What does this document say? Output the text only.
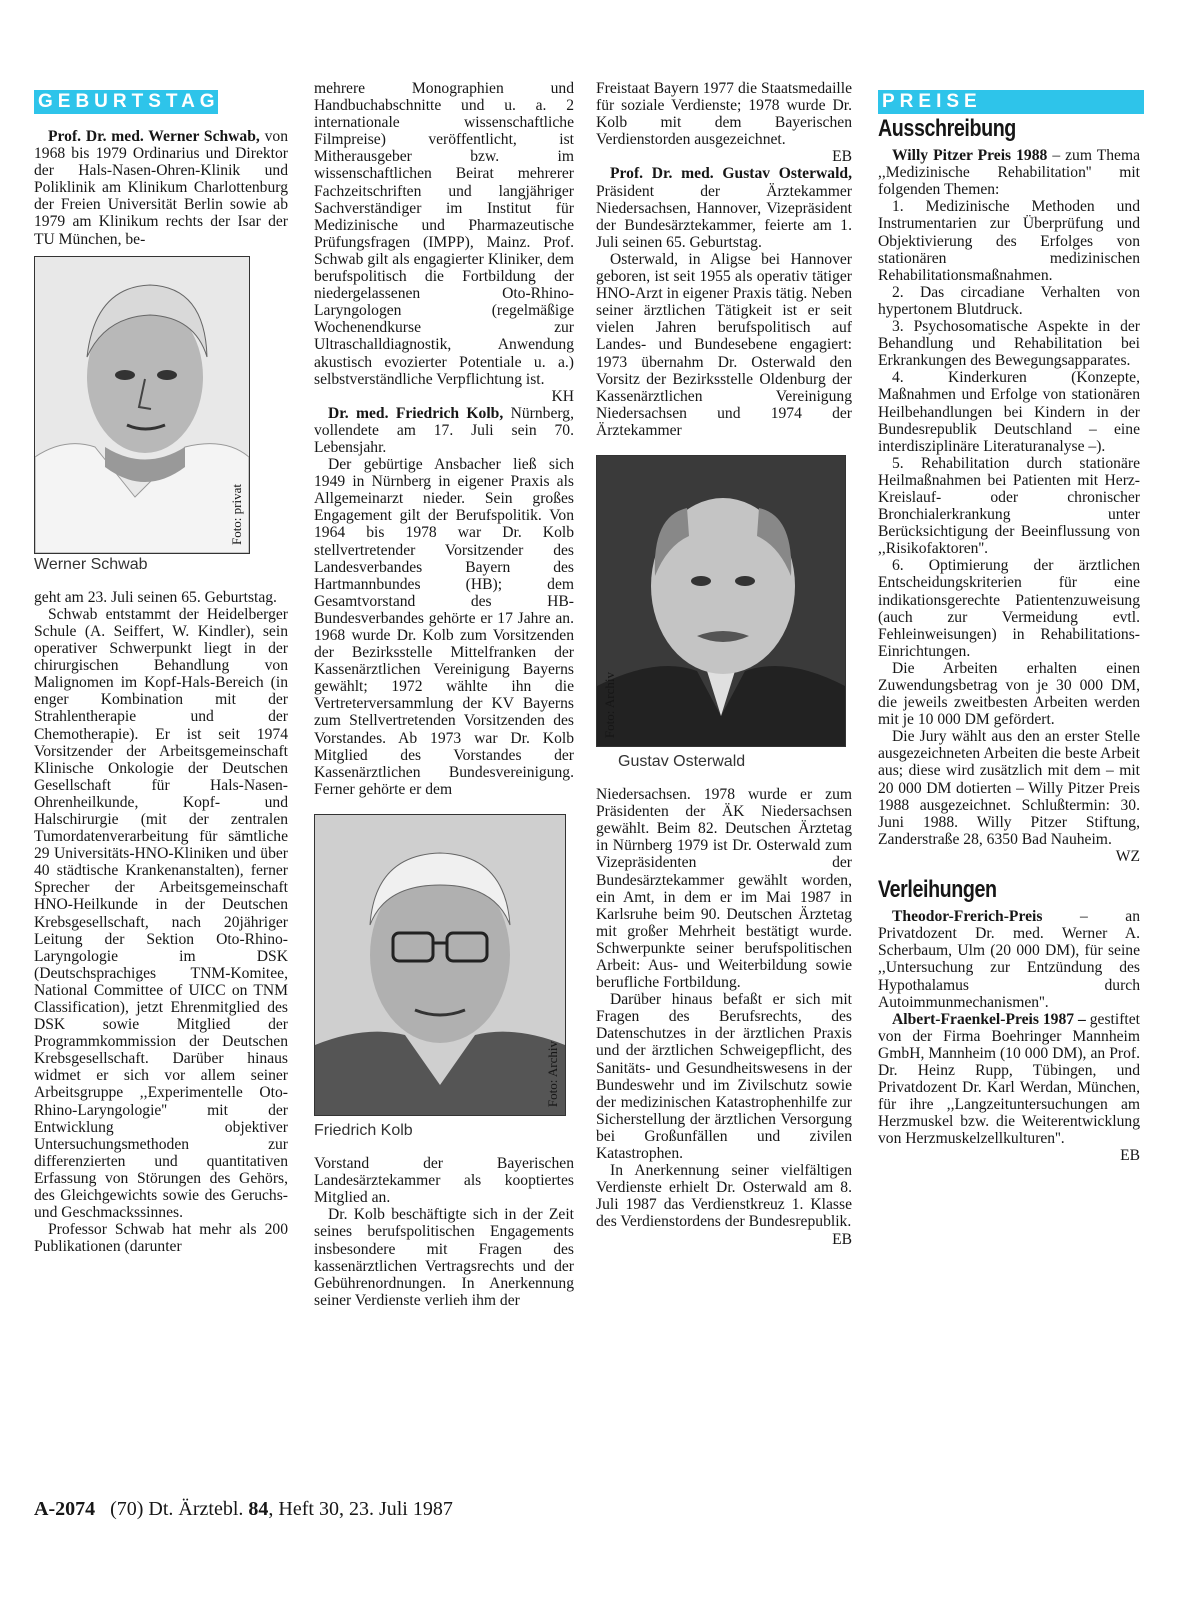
GEBURTSTAGE

Prof. Dr. med. Werner Schwab, von 1968 bis 1979 Ordinarius und Direktor der Hals-Nasen-Ohren-Klinik und Poliklinik am Klinikum Charlottenburg der Freien Universität Berlin sowie ab 1979 am Klinikum rechts der Isar der TU München, be-

Foto: privat
Werner Schwab

geht am 23. Juli seinen 65. Geburtstag.

Schwab entstammt der Heidelberger Schule (A. Seiffert, W. Kindler), sein operativer Schwerpunkt liegt in der chirurgischen Behandlung von Malignomen im Kopf-Hals-Bereich (in enger Kombination mit der Strahlentherapie und der Chemotherapie). Er ist seit 1974 Vorsitzender der Arbeitsgemeinschaft Klinische Onkologie der Deutschen Gesellschaft für Hals-Nasen-Ohrenheilkunde, Kopf- und Halschirurgie (mit der zentralen Tumordatenverarbeitung für sämtliche 29 Universitäts-HNO-Kliniken und über 40 städtische Krankenanstalten), ferner Sprecher der Arbeitsgemeinschaft HNO-Heilkunde in der Deutschen Krebsgesellschaft, nach 20jähriger Leitung der Sektion Oto-Rhino-Laryngologie im DSK (Deutschsprachiges TNM-Komitee, National Committee of UICC on TNM Classification), jetzt Ehrenmitglied des DSK sowie Mitglied der Programmkommission der Deutschen Krebsgesellschaft. Darüber hinaus widmet er sich vor allem seiner Arbeitsgruppe ,,Experimentelle Oto-Rhino-Laryngologie'' mit der Entwicklung objektiver Untersuchungsmethoden zur differenzierten und quantitativen Erfassung von Störungen des Gehörs, des Gleichgewichts sowie des Geruchs- und Geschmackssinnes.

Professor Schwab hat mehr als 200 Publikationen (darunter

mehrere Monographien und Handbuchabschnitte und u. a. 2 internationale wissenschaftliche Filmpreise) veröffentlicht, ist Mitherausgeber bzw. im wissenschaftlichen Beirat mehrerer Fachzeitschriften und langjähriger Sachverständiger im Institut für Medizinische und Pharmazeutische Prüfungsfragen (IMPP), Mainz. Prof. Schwab gilt als engagierter Kliniker, dem berufspolitisch die Fortbildung der niedergelassenen Oto-Rhino-Laryngologen (regelmäßige Wochenendkurse zur Ultraschalldiagnostik, Anwendung akustisch evozierter Potentiale u. a.) selbstverständliche Verpflichtung ist.

KH

Dr. med. Friedrich Kolb, Nürnberg, vollendete am 17. Juli sein 70. Lebensjahr.

Der gebürtige Ansbacher ließ sich 1949 in Nürnberg in eigener Praxis als Allgemeinarzt nieder. Sein großes Engagement gilt der Berufspolitik. Von 1964 bis 1978 war Dr. Kolb stellvertretender Vorsitzender des Landesverbandes Bayern des Hartmannbundes (HB); dem Gesamtvorstand des HB-Bundesverbandes gehörte er 17 Jahre an. 1968 wurde Dr. Kolb zum Vorsitzenden der Bezirksstelle Mittelfranken der Kassenärztlichen Vereinigung Bayerns gewählt; 1972 wählte ihn die Vertreterversammlung der KV Bayerns zum Stellvertretenden Vorsitzenden des Vorstandes. Ab 1973 war Dr. Kolb Mitglied des Vorstandes der Kassenärztlichen Bundesvereinigung. Ferner gehörte er dem

Foto: Archiv
Friedrich Kolb

Vorstand der Bayerischen Landesärztekammer als kooptiertes Mitglied an.

Dr. Kolb beschäftigte sich in der Zeit seines berufspolitischen Engagements insbesondere mit Fragen des kassenärztlichen Vertragsrechts und der Gebührenordnungen. In Anerkennung seiner Verdienste verlieh ihm der

Freistaat Bayern 1977 die Staatsmedaille für soziale Verdienste; 1978 wurde Dr. Kolb mit dem Bayerischen Verdienstorden ausgezeichnet.

EB

Prof. Dr. med. Gustav Osterwald, Präsident der Ärztekammer Niedersachsen, Hannover, Vizepräsident der Bundesärztekammer, feierte am 1. Juli seinen 65. Geburtstag.

Osterwald, in Aligse bei Hannover geboren, ist seit 1955 als operativ tätiger HNO-Arzt in eigener Praxis tätig. Neben seiner ärztlichen Tätigkeit ist er seit vielen Jahren berufspolitisch auf Landes- und Bundesebene engagiert: 1973 übernahm Dr. Osterwald den Vorsitz der Bezirksstelle Oldenburg der Kassenärztlichen Vereinigung Niedersachsen und 1974 der Ärztekammer

Foto: Archiv
Gustav Osterwald

Niedersachsen. 1978 wurde er zum Präsidenten der ÄK Niedersachsen gewählt. Beim 82. Deutschen Ärztetag in Nürnberg 1979 ist Dr. Osterwald zum Vizepräsidenten der Bundesärztekammer gewählt worden, ein Amt, in dem er im Mai 1987 in Karlsruhe beim 90. Deutschen Ärztetag mit großer Mehrheit bestätigt wurde. Schwerpunkte seiner berufspolitischen Arbeit: Aus- und Weiterbildung sowie berufliche Fortbildung.

Darüber hinaus befaßt er sich mit Fragen des Berufsrechts, des Datenschutzes in der ärztlichen Praxis und der ärztlichen Schweigepflicht, des Sanitäts- und Gesundheitswesens in der Bundeswehr und im Zivilschutz sowie der medizinischen Katastrophenhilfe zur Sicherstellung der ärztlichen Versorgung bei Großunfällen und zivilen Katastrophen.

In Anerkennung seiner vielfältigen Verdienste erhielt Dr. Osterwald am 8. Juli 1987 das Verdienstkreuz 1. Klasse des Verdienstordens der Bundesrepublik.

EB

PREISE
Ausschreibung

Willy Pitzer Preis 1988 – zum Thema ,,Medizinische Rehabilitation'' mit folgenden Themen:

1. Medizinische Methoden und Instrumentarien zur Überprüfung und Objektivierung des Erfolges von stationären medizinischen Rehabilitationsmaßnahmen.

2. Das circadiane Verhalten von hypertonem Blutdruck.

3. Psychosomatische Aspekte in der Behandlung und Rehabilitation bei Erkrankungen des Bewegungsapparates.

4. Kinderkuren (Konzepte, Maßnahmen und Erfolge von stationären Heilbehandlungen bei Kindern in der Bundesrepublik Deutschland – eine interdisziplinäre Literaturanalyse –).

5. Rehabilitation durch stationäre Heilmaßnahmen bei Patienten mit Herz-Kreislauf- oder chronischer Bronchialerkrankung unter Berücksichtigung der Beeinflussung von ,,Risikofaktoren''.

6. Optimierung der ärztlichen Entscheidungskriterien für eine indikationsgerechte Patientenzuweisung (auch zur Vermeidung evtl. Fehleinweisungen) in Rehabilitations-Einrichtungen.

Die Arbeiten erhalten einen Zuwendungsbetrag von je 30 000 DM, die jeweils zweitbesten Arbeiten werden mit je 10 000 DM gefördert.

Die Jury wählt aus den an erster Stelle ausgezeichneten Arbeiten die beste Arbeit aus; diese wird zusätzlich mit dem – mit 20 000 DM dotierten – Willy Pitzer Preis 1988 ausgezeichnet. Schlußtermin: 30. Juni 1988. Willy Pitzer Stiftung, Zanderstraße 28, 6350 Bad Nauheim.

WZ

Verleihungen

Theodor-Frerich-Preis – an Privatdozent Dr. med. Werner A. Scherbaum, Ulm (20 000 DM), für seine ,,Untersuchung zur Entzündung des Hypothalamus durch Autoimmunmechanismen''.

Albert-Fraenkel-Preis 1987 – gestiftet von der Firma Boehringer Mannheim GmbH, Mannheim (10 000 DM), an Prof. Dr. Heinz Rupp, Tübingen, und Privatdozent Dr. Karl Werdan, München, für ihre ,,Langzeituntersuchungen am Herzmuskel bzw. die Weiterentwicklung von Herzmuskelzellkulturen''.

EB

A-2074 (70) Dt. Ärztebl. 84, Heft 30, 23. Juli 1987
